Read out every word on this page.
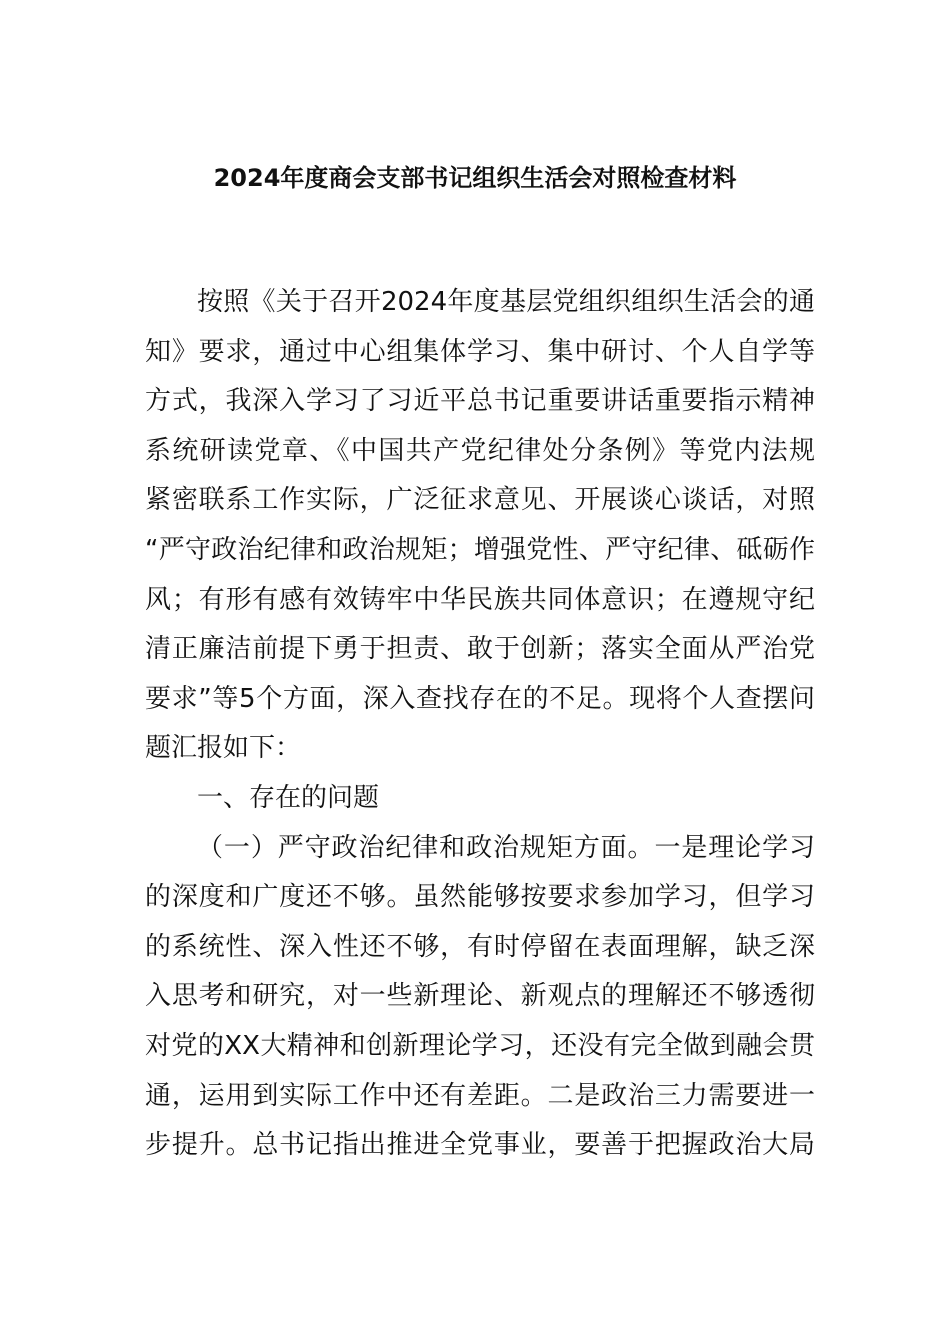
2024年度商会支部书记组织生活会对照检查材料
按照《关于召开2024年度基层党组织组织生活会的通
知》要求，通过中心组集体学习、集中研讨、个人自学等
方式，我深入学习了习近平总书记重要讲话重要指示精神
系统研读党章、《中国共产党纪律处分条例》等党内法规
紧密联系工作实际，广泛征求意见、开展谈心谈话，对照
“严守政治纪律和政治规矩；增强党性、严守纪律、砥砺作
风；有形有感有效铸牢中华民族共同体意识；在遵规守纪
清正廉洁前提下勇于担责、敢于创新；落实全面从严治党
要求”等5个方面，深入查找存在的不足。现将个人查摆问
题汇报如下：
一、存在的问题
（一）严守政治纪律和政治规矩方面。一是理论学习
的深度和广度还不够。虽然能够按要求参加学习，但学习
的系统性、深入性还不够，有时停留在表面理解，缺乏深
入思考和研究，对一些新理论、新观点的理解还不够透彻
对党的XX大精神和创新理论学习，还没有完全做到融会贯
通，运用到实际工作中还有差距。二是政治三力需要进一
步提升。总书记指出推进全党事业，要善于把握政治大局
